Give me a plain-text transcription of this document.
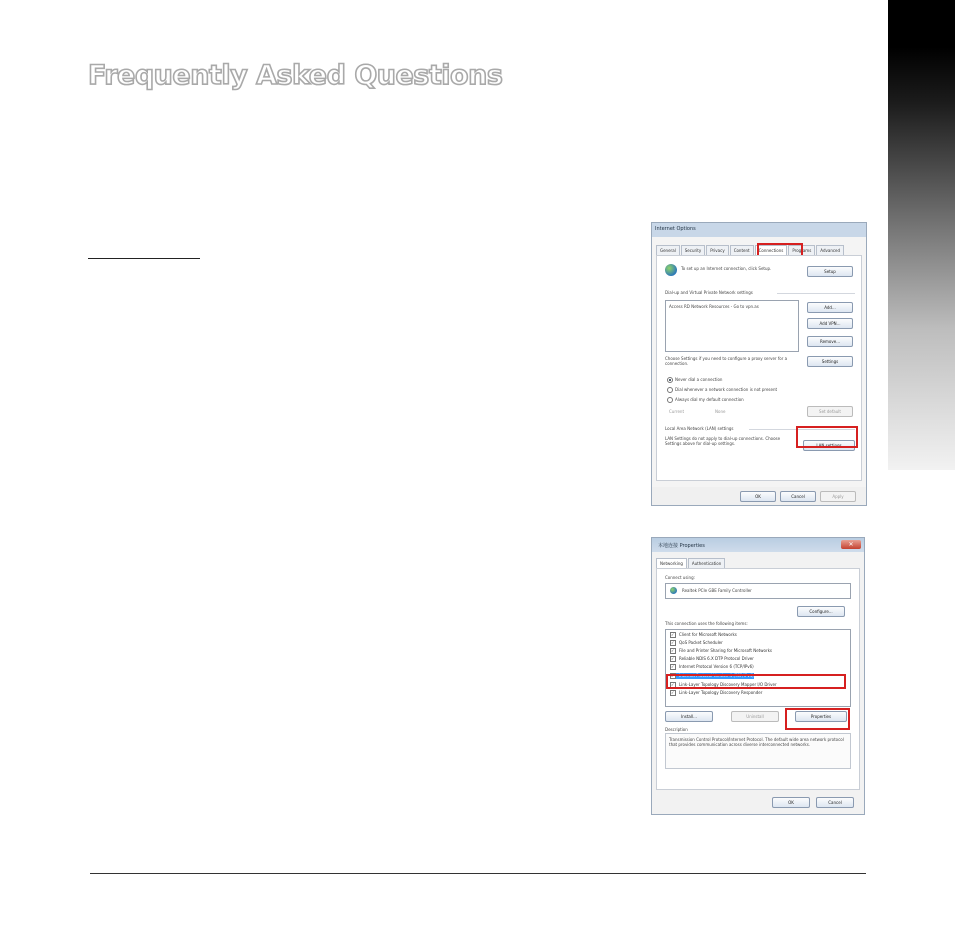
Frequently Asked Questions
Internet Options
General	Security	Privacy	Content	Connections	Programs	Advanced
To set up an Internet connection, click Setup.
Setup
Dial-up and Virtual Private Network settings
Access RD Network Resources - Go to vpn.as	Add...
Add VPN...
Remove...
Choose Settings if you need to configure a proxy server for a connection.	Settings
Never dial a connection
Dial whenever a network connection is not present
Always dial my default connection
Current	None	Set default
Local Area Network (LAN) settings
LAN Settings do not apply to dial-up connections. Choose Settings above for dial-up settings.	LAN settings
OK	Cancel	Apply
本地连接 Properties	✕
Networking	Authentication
Connect using:
Realtek PCIe GBE Family Controller
Configure...
This connection uses the following items:
✓ Client for Microsoft Networks
✓ QoS Packet Scheduler
✓ File and Printer Sharing for Microsoft Networks
✓ Reliable NDIS 6.X DTP Protocol Driver
✓ Internet Protocol Version 6 (TCP/IPv6)
✓ Internet Protocol Version 4 (TCP/IPv4)
✓ Link-Layer Topology Discovery Mapper I/O Driver
✓ Link-Layer Topology Discovery Responder
Install...	Uninstall	Properties
Description
Transmission Control Protocol/Internet Protocol. The default wide area network protocol that provides communication across diverse interconnected networks.
OK	Cancel
